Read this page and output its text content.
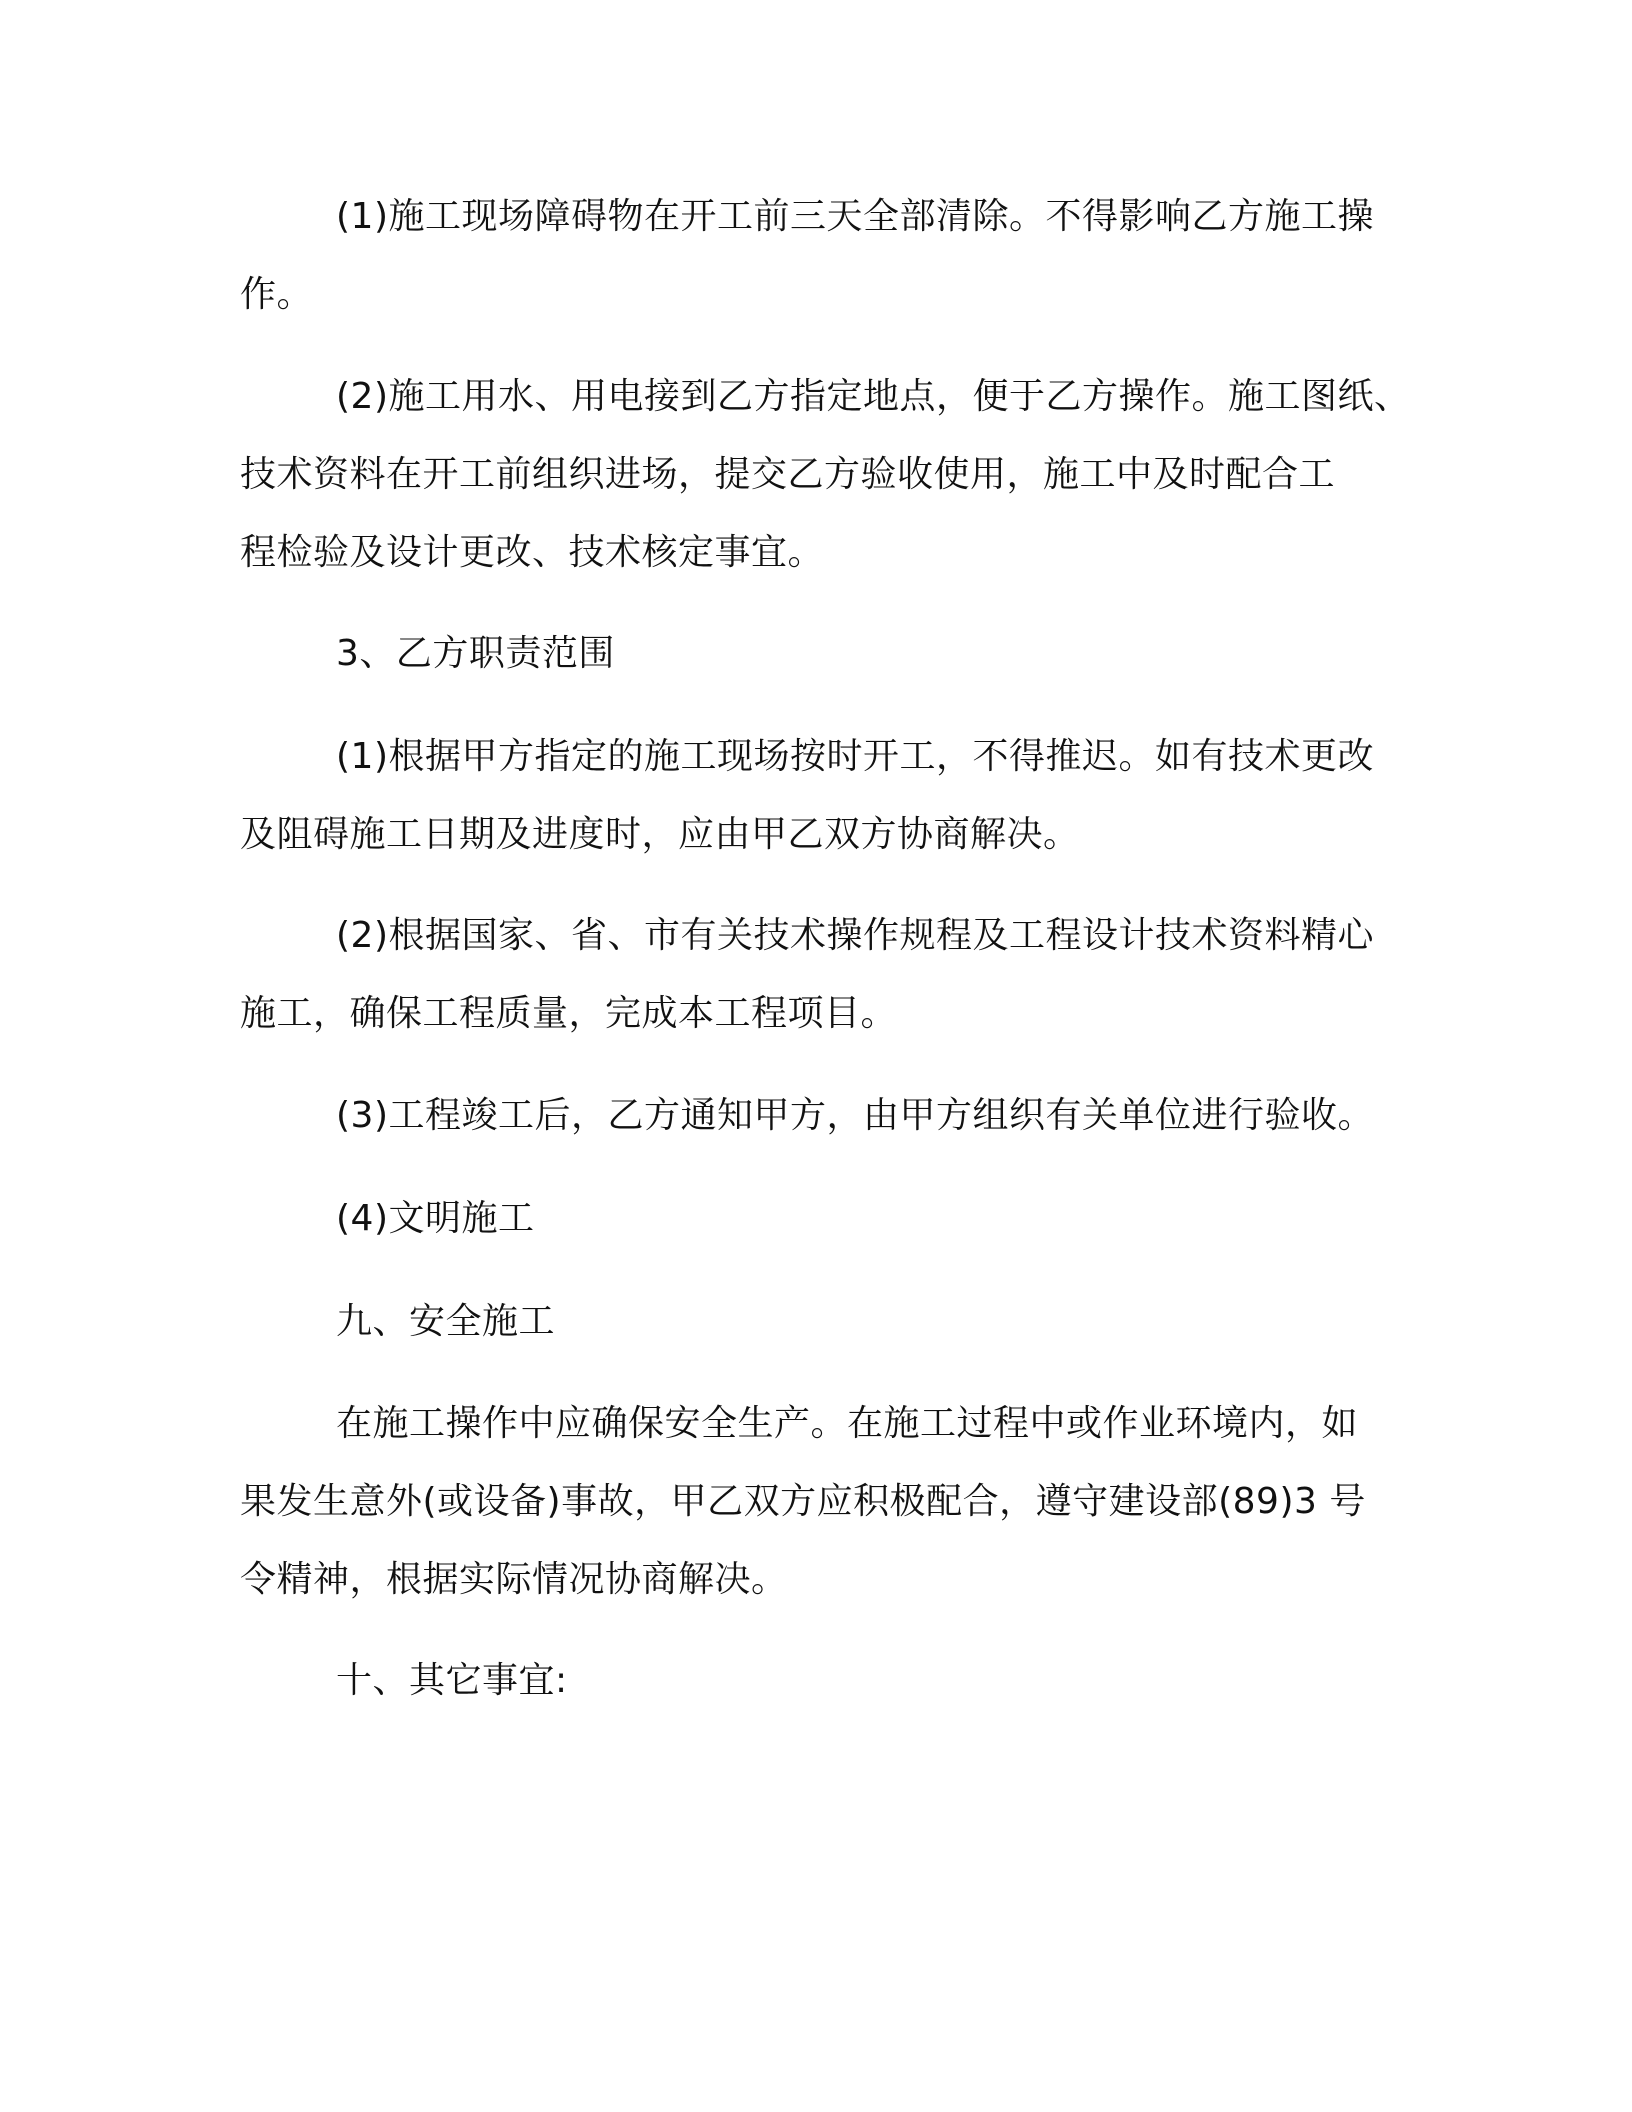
(1)施工现场障碍物在开工前三天全部清除。不得影响乙方施工操
作。
(2)施工用水、用电接到乙方指定地点，便于乙方操作。施工图纸、
技术资料在开工前组织进场，提交乙方验收使用，施工中及时配合工
程检验及设计更改、技术核定事宜。
3、乙方职责范围
(1)根据甲方指定的施工现场按时开工，不得推迟。如有技术更改
及阻碍施工日期及进度时，应由甲乙双方协商解决。
(2)根据国家、省、市有关技术操作规程及工程设计技术资料精心
施工，确保工程质量，完成本工程项目。
(3)工程竣工后，乙方通知甲方，由甲方组织有关单位进行验收。
(4)文明施工
九、安全施工
在施工操作中应确保安全生产。在施工过程中或作业环境内，如
果发生意外(或设备)事故，甲乙双方应积极配合，遵守建设部(89)3 号
令精神，根据实际情况协商解决。
十、其它事宜:
